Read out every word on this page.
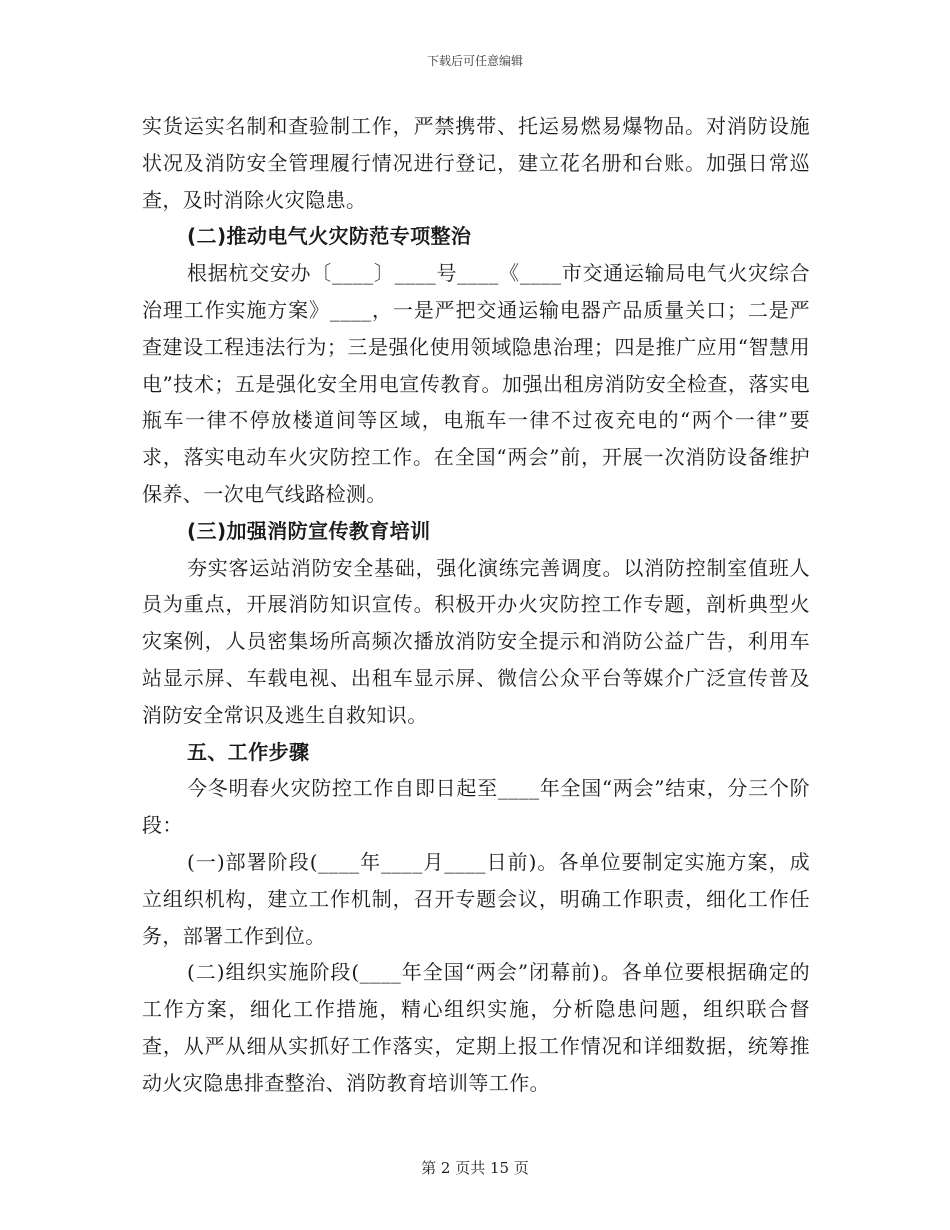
下载后可任意编辑

实货运实名制和查验制工作，严禁携带、托运易燃易爆物品。对消防设施状况及消防安全管理履行情况进行登记，建立花名册和台账。加强日常巡查，及时消除火灾隐患。

(二)推动电气火灾防范专项整治

根据杭交安办〔____〕____号____《____市交通运输局电气火灾综合治理工作实施方案》____，一是严把交通运输电器产品质量关口；二是严查建设工程违法行为；三是强化使用领域隐患治理；四是推广应用“智慧用电”技术；五是强化安全用电宣传教育。加强出租房消防安全检查，落实电瓶车一律不停放楼道间等区域，电瓶车一律不过夜充电的“两个一律”要求，落实电动车火灾防控工作。在全国“两会”前，开展一次消防设备维护保养、一次电气线路检测。

(三)加强消防宣传教育培训

夯实客运站消防安全基础，强化演练完善调度。以消防控制室值班人员为重点，开展消防知识宣传。积极开办火灾防控工作专题，剖析典型火灾案例，人员密集场所高频次播放消防安全提示和消防公益广告，利用车站显示屏、车载电视、出租车显示屏、微信公众平台等媒介广泛宣传普及消防安全常识及逃生自救知识。

五、工作步骤

今冬明春火灾防控工作自即日起至____年全国“两会”结束，分三个阶段：

(一)部署阶段(____年____月____日前)。各单位要制定实施方案，成立组织机构，建立工作机制，召开专题会议，明确工作职责，细化工作任务，部署工作到位。

(二)组织实施阶段(____年全国“两会”闭幕前)。各单位要根据确定的工作方案，细化工作措施，精心组织实施，分析隐患问题，组织联合督查，从严从细从实抓好工作落实，定期上报工作情况和详细数据，统筹推动火灾隐患排查整治、消防教育培训等工作。

第 2 页共 15 页
